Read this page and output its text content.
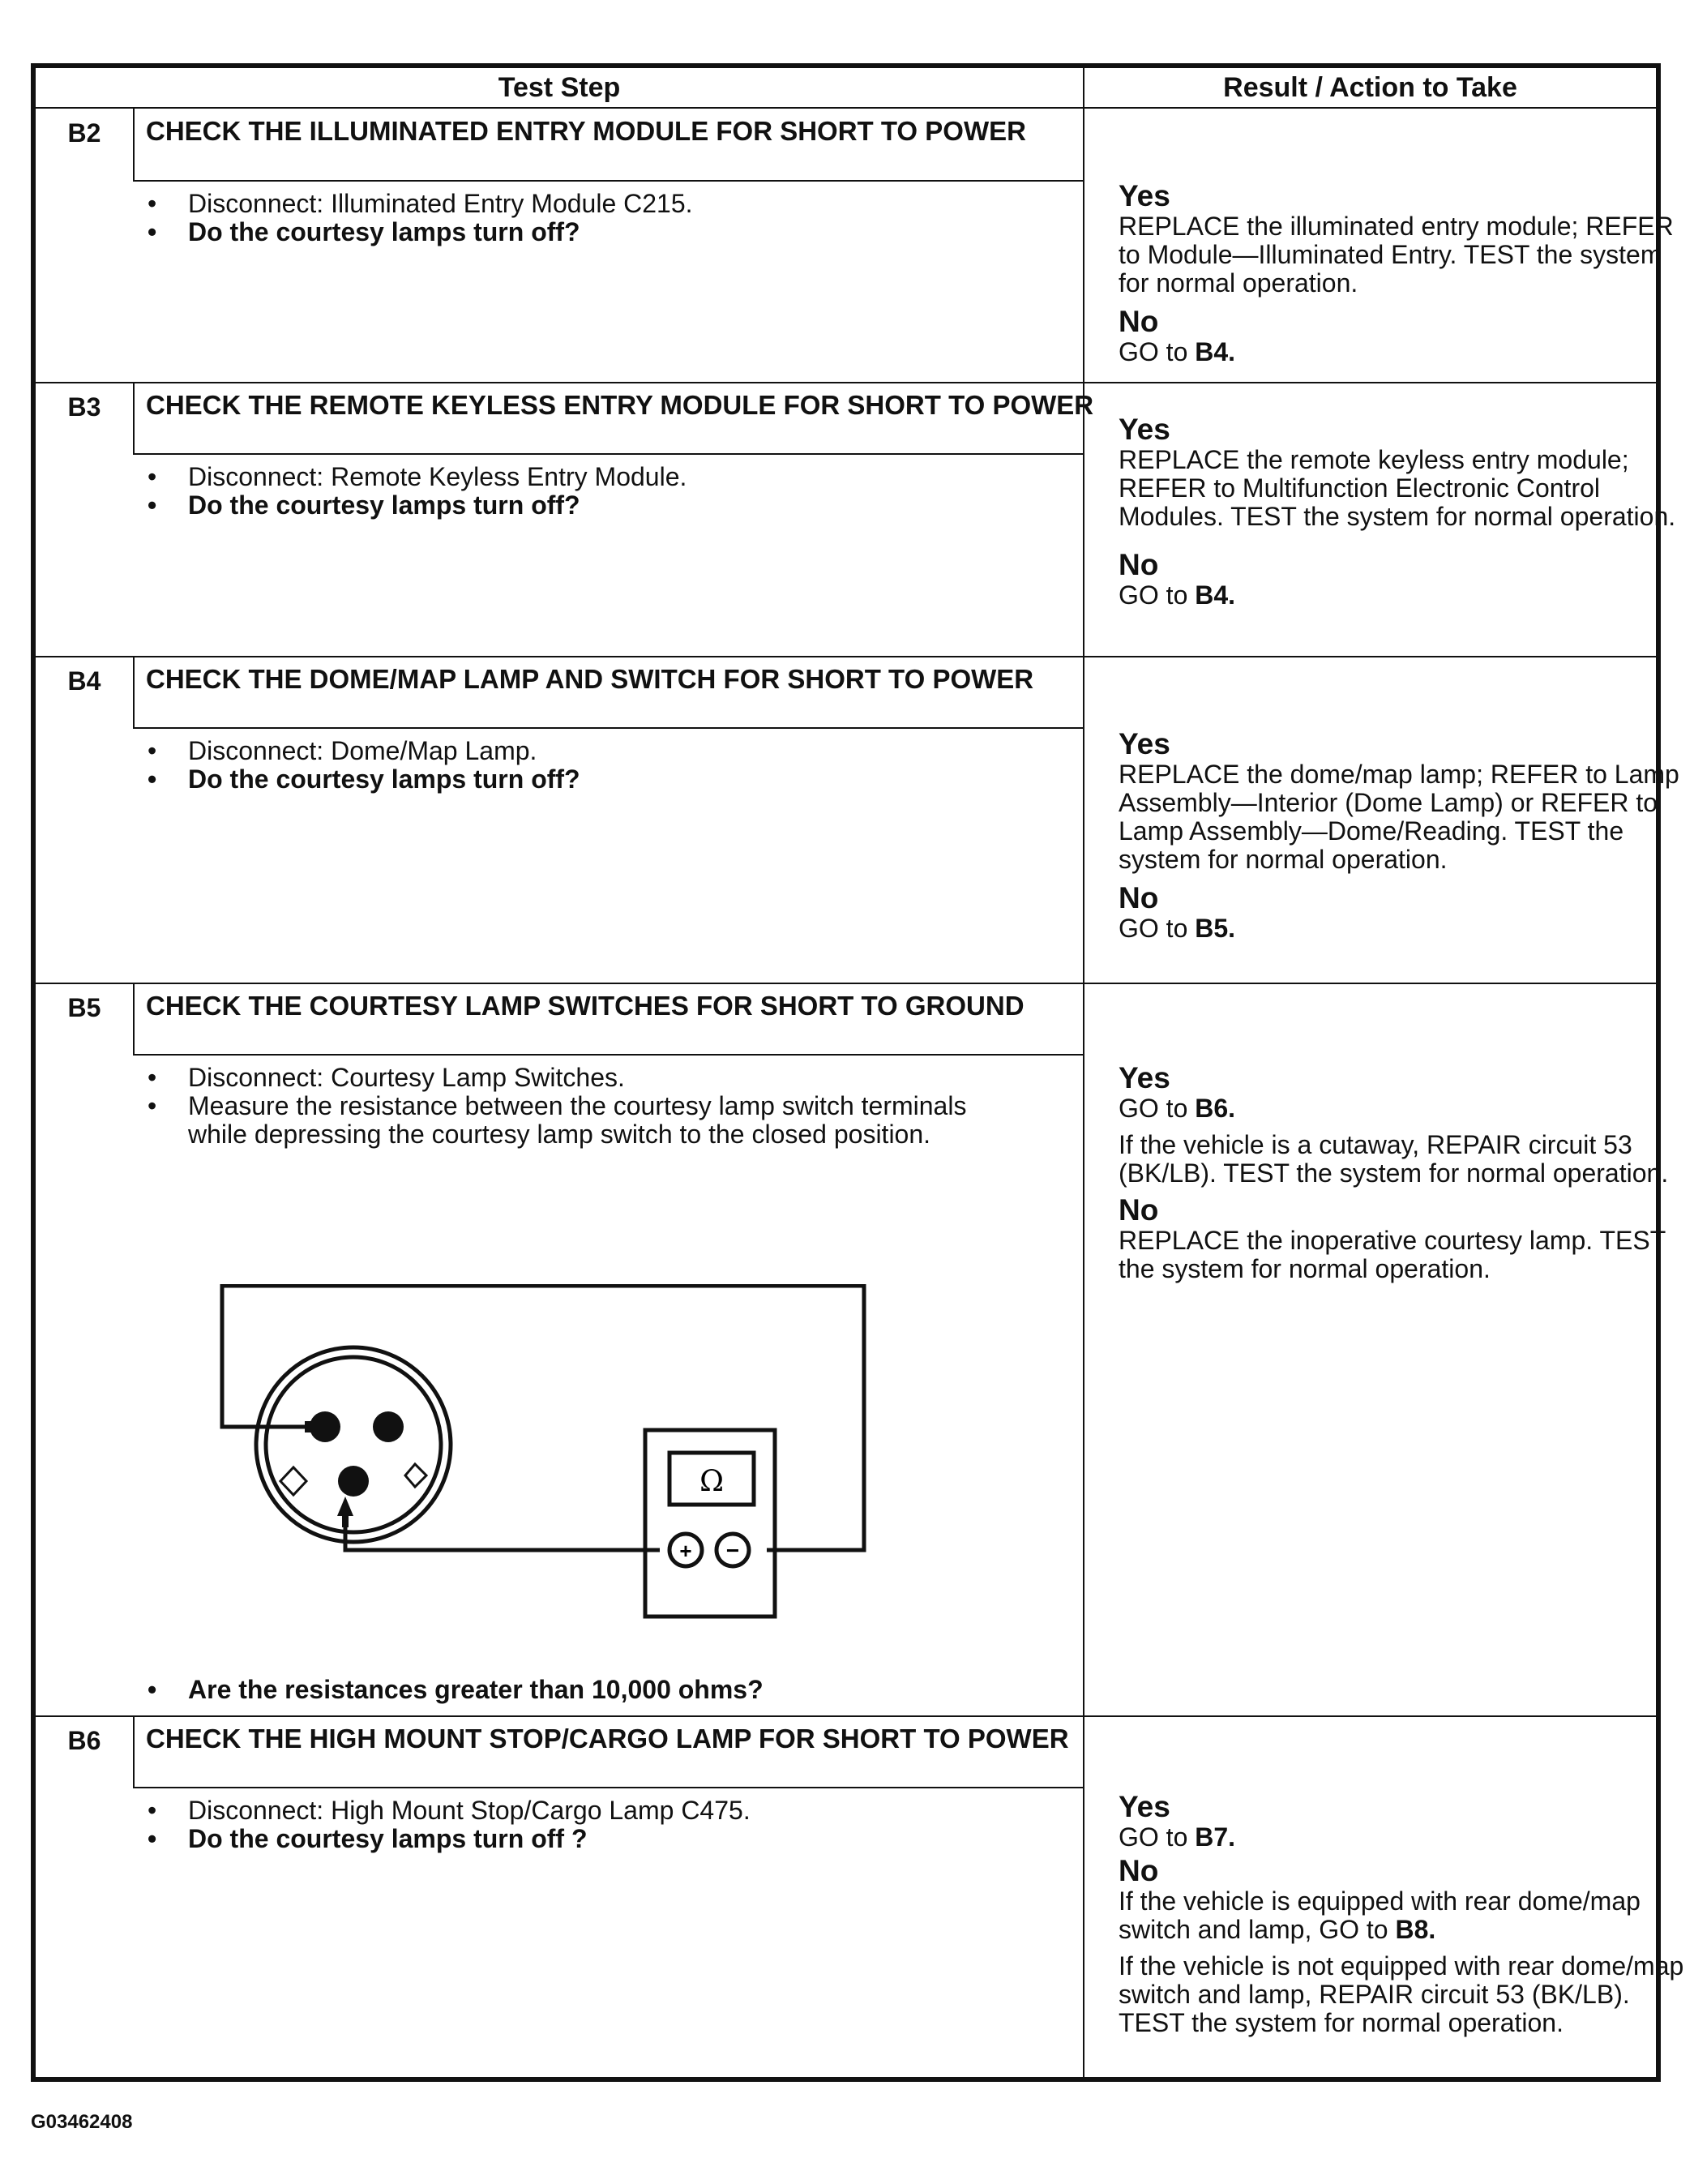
Test Step	Result / Action to Take
B2	CHECK THE ILLUMINATED ENTRY MODULE FOR SHORT TO POWER
• Disconnect: Illuminated Entry Module C215.
• Do the courtesy lamps turn off?
Yes

REPLACE the illuminated entry module; REFER to Module—Illuminated Entry. TEST the system for normal operation.

No

GO to B4.

B3	CHECK THE REMOTE KEYLESS ENTRY MODULE FOR SHORT TO POWER
• Disconnect: Remote Keyless Entry Module.
• Do the courtesy lamps turn off?
Yes

REPLACE the remote keyless entry module; REFER to Multifunction Electronic Control Modules. TEST the system for normal operation.

No

GO to B4.

B4	CHECK THE DOME/MAP LAMP AND SWITCH FOR SHORT TO POWER
• Disconnect: Dome/Map Lamp.
• Do the courtesy lamps turn off?
Yes

REPLACE the dome/map lamp; REFER to Lamp Assembly—Interior (Dome Lamp) or REFER to Lamp Assembly—Dome/Reading. TEST the system for normal operation.

No

GO to B5.

B5	CHECK THE COURTESY LAMP SWITCHES FOR SHORT TO GROUND
• Disconnect: Courtesy Lamp Switches.
• Measure the resistance between the courtesy lamp switch terminals while depressing the courtesy lamp switch to the closed position.
Ω
+ −
• Are the resistances greater than 10,000 ohms?
Yes

GO to B6.

If the vehicle is a cutaway, REPAIR circuit 53 (BK/LB). TEST the system for normal operation.

No

REPLACE the inoperative courtesy lamp. TEST the system for normal operation.

B6	CHECK THE HIGH MOUNT STOP/CARGO LAMP FOR SHORT TO POWER
• Disconnect: High Mount Stop/Cargo Lamp C475.
• Do the courtesy lamps turn off ?
Yes

GO to B7.

No

If the vehicle is equipped with rear dome/map switch and lamp, GO to B8.

If the vehicle is not equipped with rear dome/map switch and lamp, REPAIR circuit 53 (BK/LB). TEST the system for normal operation.

G03462408
